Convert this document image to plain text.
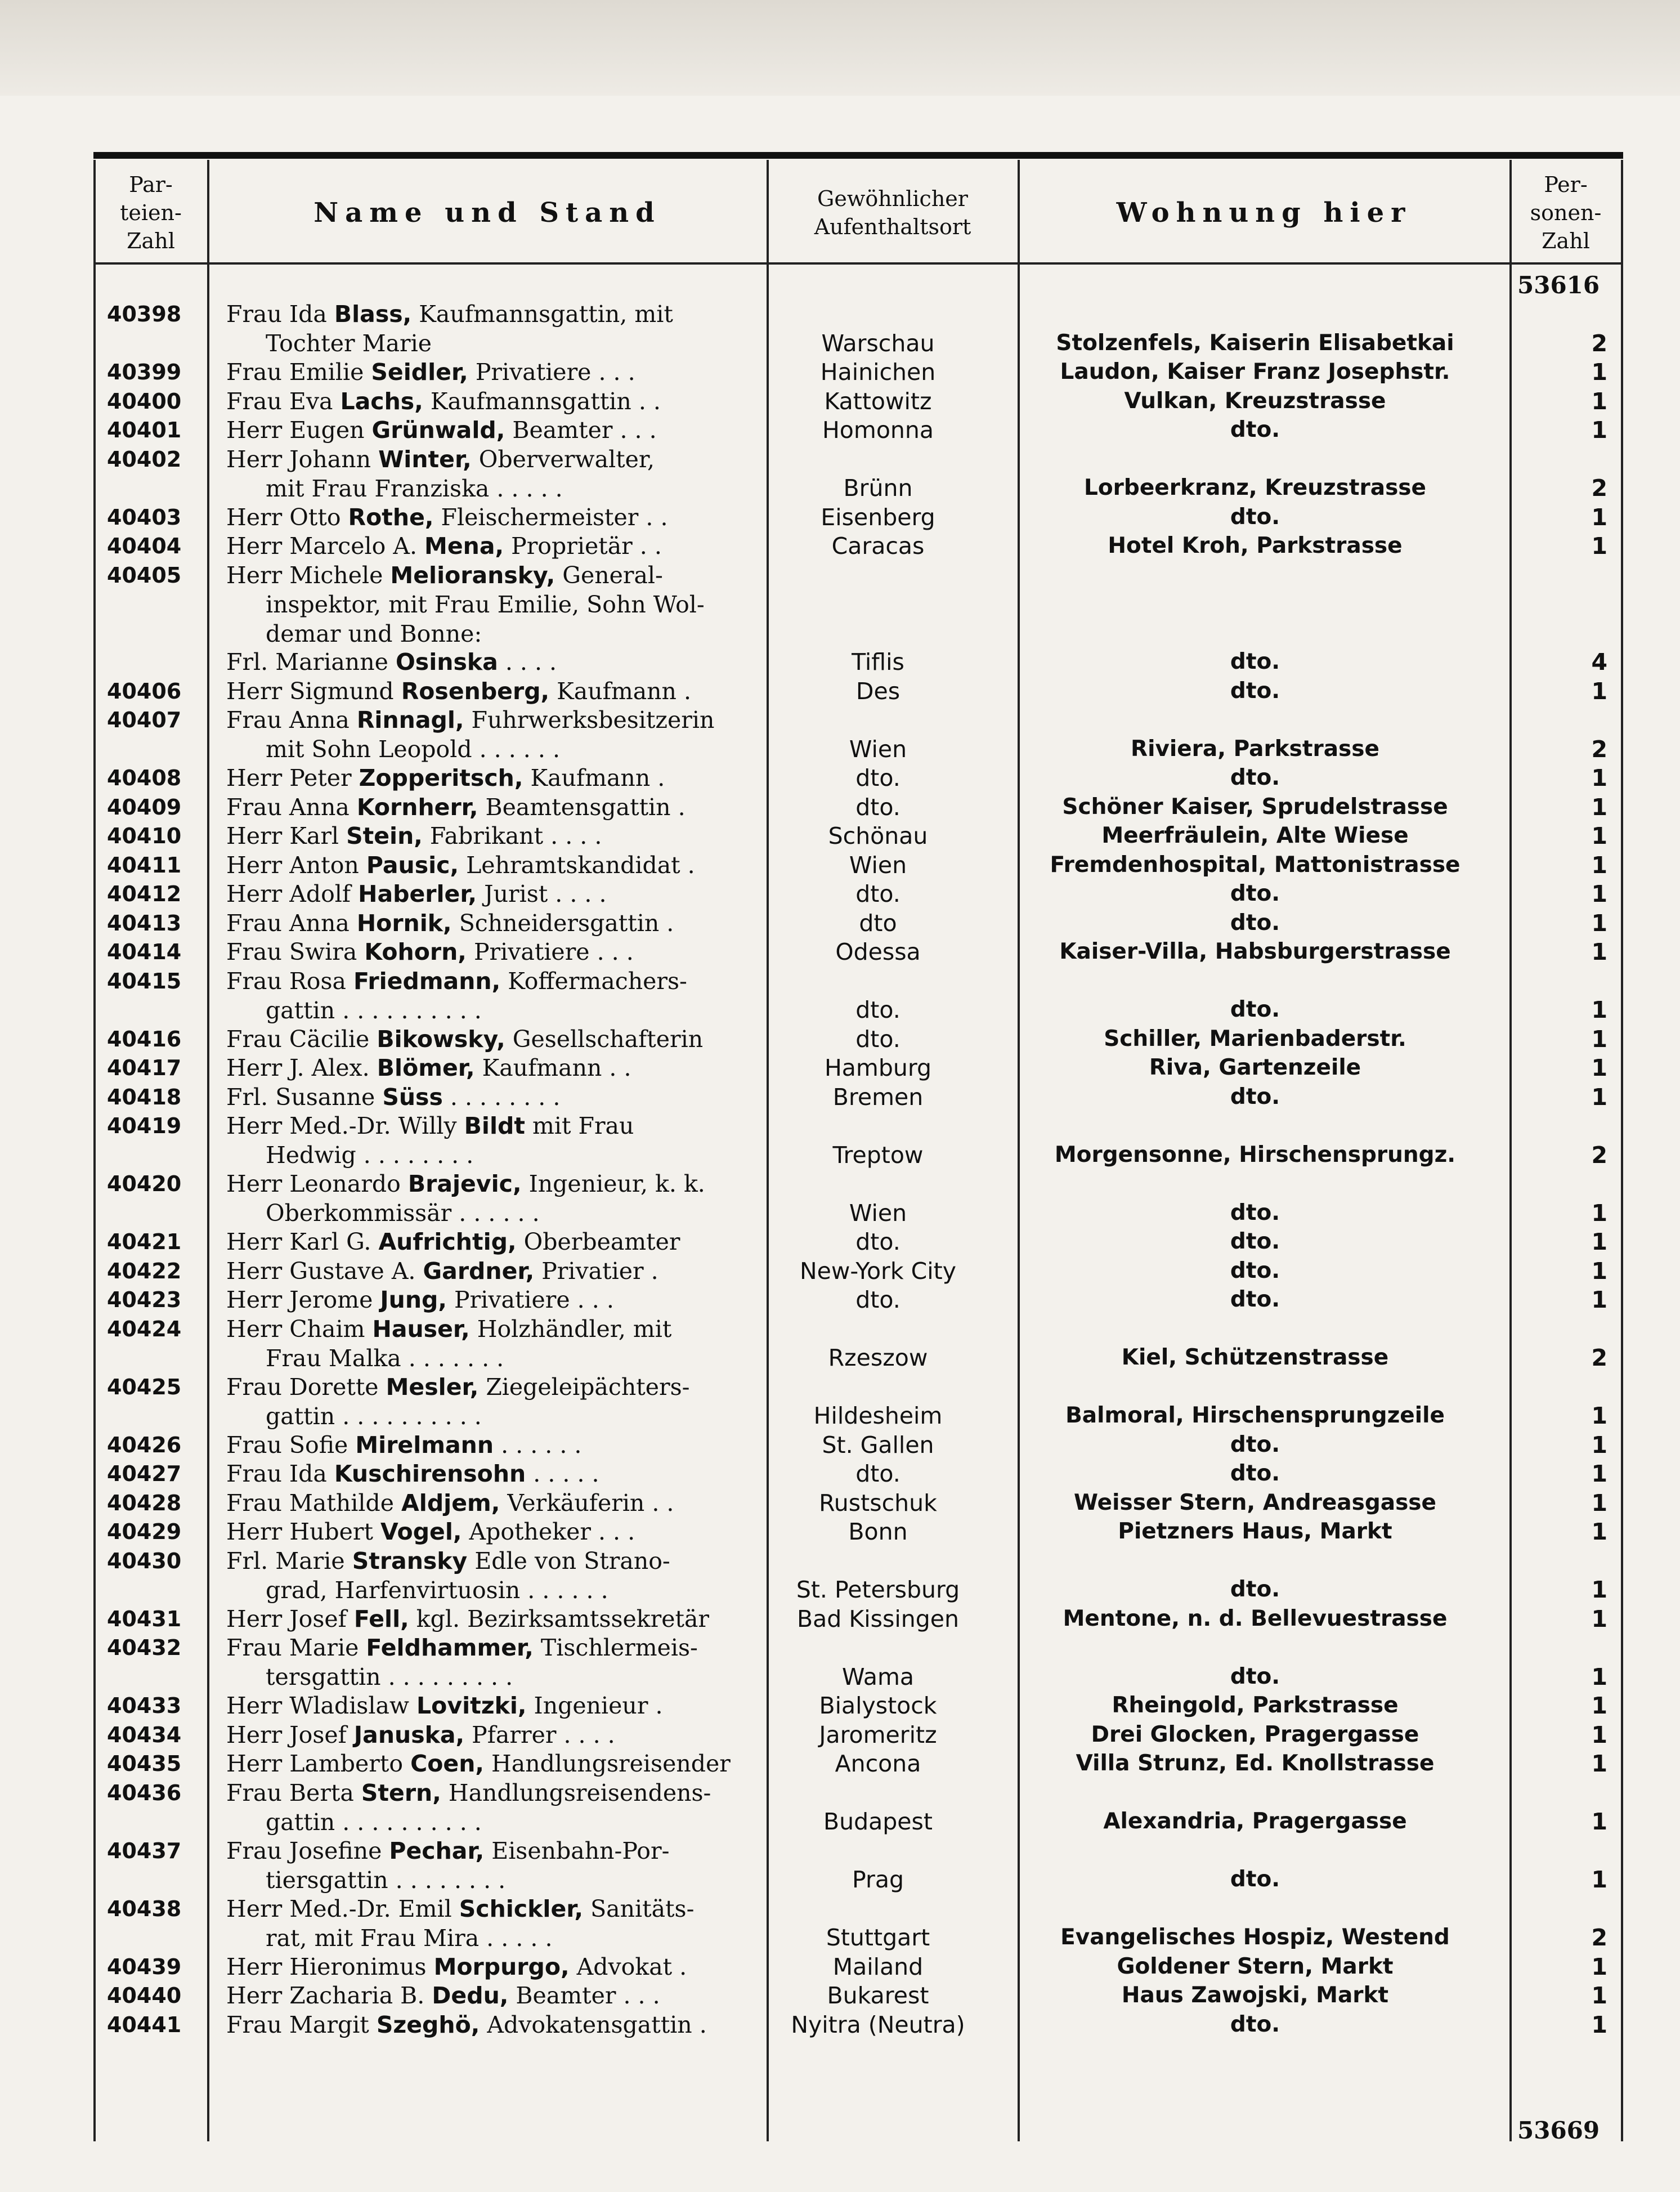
Par-
teien-
Zahl
Name und Stand	Gewöhnlicher
Aufenthaltsort	Wohnung hier
Per-
sonen-
Zahl
53616
40398 Frau Ida Blass, Kaufmannsgattin, mit
Tochter Marie	Warschau	Stolzenfels, Kaiserin Elisabetkai	2
40399 Frau Emilie Seidler, Privatiere . . .	Hainichen	Laudon, Kaiser Franz Josephstr.	1
40400 Frau Eva Lachs, Kaufmannsgattin . .	Kattowitz	Vulkan, Kreuzstrasse	1
40401 Herr Eugen Grünwald, Beamter . . .	Homonna	dto.	1
40402 Herr Johann Winter, Oberverwalter,
mit Frau Franziska . . . . .	Brünn	Lorbeerkranz, Kreuzstrasse	2
40403 Herr Otto Rothe, Fleischermeister . .	Eisenberg	dto.	1
40404 Herr Marcelo A. Mena, Proprietär . .	Caracas	Hotel Kroh, Parkstrasse	1
40405 Herr Michele Melioransky, General-
inspektor, mit Frau Emilie, Sohn Wol-
demar und Bonne:
Frl. Marianne Osinska . . . .	Tiflis	dto.	4
40406 Herr Sigmund Rosenberg, Kaufmann .	Des	dto.	1
40407 Frau Anna Rinnagl, Fuhrwerksbesitzerin
mit Sohn Leopold . . . . . .	Wien	Riviera, Parkstrasse	2
40408 Herr Peter Zopperitsch, Kaufmann .	dto.	dto.	1
40409 Frau Anna Kornherr, Beamtensgattin .	dto.	Schöner Kaiser, Sprudelstrasse	1
40410 Herr Karl Stein, Fabrikant . . . .	Schönau	Meerfräulein, Alte Wiese	1
40411 Herr Anton Pausic, Lehramtskandidat .	Wien	Fremdenhospital, Mattonistrasse	1
40412 Herr Adolf Haberler, Jurist . . . .	dto.	dto.	1
40413 Frau Anna Hornik, Schneidersgattin .	dto	dto.	1
40414 Frau Swira Kohorn, Privatiere . . .	Odessa	Kaiser-Villa, Habsburgerstrasse	1
40415 Frau Rosa Friedmann, Koffermachers-
gattin . . . . . . . . . .	dto.	dto.	1
40416 Frau Cäcilie Bikowsky, Gesellschafterin	dto.	Schiller, Marienbaderstr.	1
40417 Herr J. Alex. Blömer, Kaufmann . .	Hamburg	Riva, Gartenzeile	1
40418 Frl. Susanne Süss . . . . . . . .	Bremen	dto.	1
40419 Herr Med.-Dr. Willy Bildt mit Frau
Hedwig . . . . . . . .	Treptow	Morgensonne, Hirschensprungz.	2
40420 Herr Leonardo Brajevic, Ingenieur, k. k.
Oberkommissär . . . . . .	Wien	dto.	1
40421 Herr Karl G. Aufrichtig, Oberbeamter	dto.	dto.	1
40422 Herr Gustave A. Gardner, Privatier .	New-York City	dto.	1
40423 Herr Jerome Jung, Privatiere . . .	dto.	dto.	1
40424 Herr Chaim Hauser, Holzhändler, mit
Frau Malka . . . . . . .	Rzeszow	Kiel, Schützenstrasse	2
40425 Frau Dorette Mesler, Ziegeleipächters-
gattin . . . . . . . . . .	Hildesheim	Balmoral, Hirschensprungzeile	1
40426 Frau Sofie Mirelmann . . . . . .	St. Gallen	dto.	1
40427 Frau Ida Kuschirensohn . . . . .	dto.	dto.	1
40428 Frau Mathilde Aldjem, Verkäuferin . .	Rustschuk	Weisser Stern, Andreasgasse	1
40429 Herr Hubert Vogel, Apotheker . . .	Bonn	Pietzners Haus, Markt	1
40430 Frl. Marie Stransky Edle von Strano-
grad, Harfenvirtuosin . . . . . .	St. Petersburg	dto.	1
40431 Herr Josef Fell, kgl. Bezirksamtssekretär	Bad Kissingen	Mentone, n. d. Bellevuestrasse	1
40432 Frau Marie Feldhammer, Tischlermeis-
tersgattin . . . . . . . . .	Wama	dto.	1
40433 Herr Wladislaw Lovitzki, Ingenieur .	Bialystock	Rheingold, Parkstrasse	1
40434 Herr Josef Januska, Pfarrer . . . .	Jaromeritz	Drei Glocken, Pragergasse	1
40435 Herr Lamberto Coen, Handlungsreisender	Ancona	Villa Strunz, Ed. Knollstrasse	1
40436 Frau Berta Stern, Handlungsreisendens-
gattin . . . . . . . . . .	Budapest	Alexandria, Pragergasse	1
40437 Frau Josefine Pechar, Eisenbahn-Por-
tiersgattin . . . . . . . .	Prag	dto.	1
40438 Herr Med.-Dr. Emil Schickler, Sanitäts-
rat, mit Frau Mira . . . . .	Stuttgart	Evangelisches Hospiz, Westend	2
40439 Herr Hieronimus Morpurgo, Advokat .	Mailand	Goldener Stern, Markt	1
40440 Herr Zacharia B. Dedu, Beamter . . .	Bukarest	Haus Zawojski, Markt	1
40441 Frau Margit Szeghö, Advokatensgattin .	Nyitra (Neutra)	dto.	1
53669
